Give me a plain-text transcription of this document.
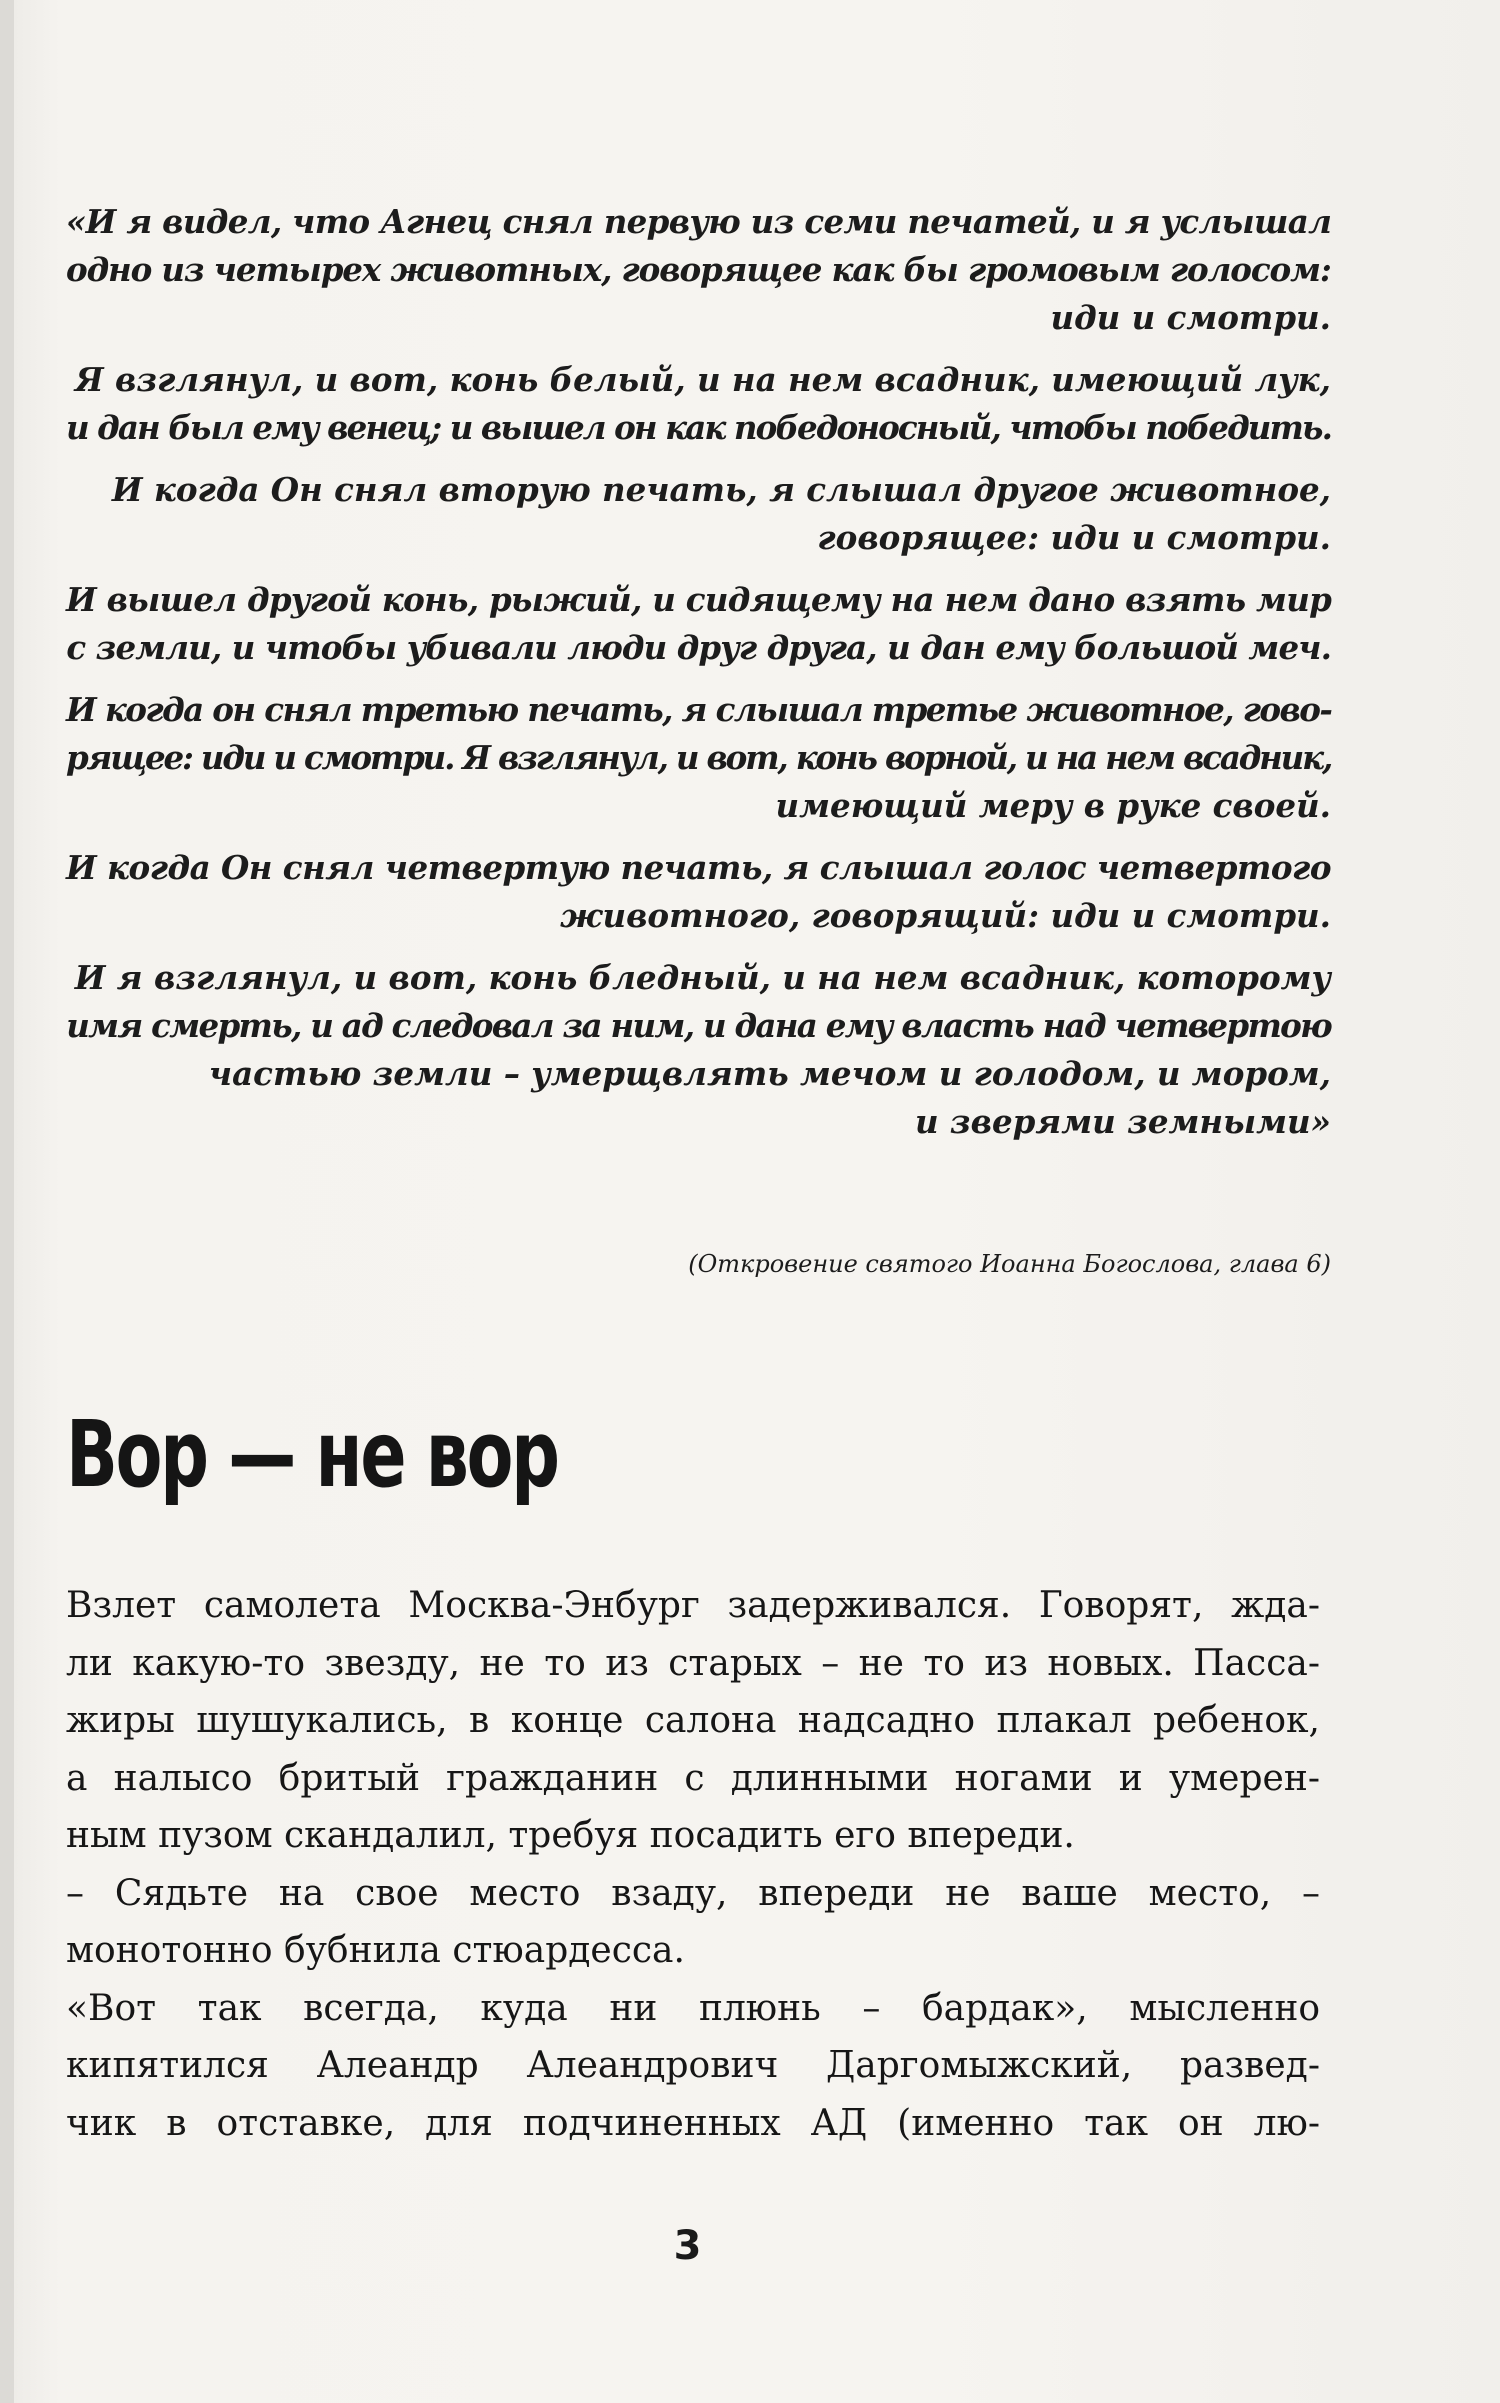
«И я видел, что Агнец снял первую из семи печатей, и я услышал
одно из четырех животных, говорящее как бы громовым голосом:
иди и смотри.
Я взглянул, и вот, конь белый, и на нем всадник, имеющий лук,
и дан был ему венец; и вышел он как победоносный, чтобы победить.
И когда Он снял вторую печать, я слышал другое животное,
говорящее: иди и смотри.
И вышел другой конь, рыжий, и сидящему на нем дано взять мир
с земли, и чтобы убивали люди друг друга, и дан ему большой меч.
И когда он снял третью печать, я слышал третье животное, гово-
рящее: иди и смотри. Я взглянул, и вот, конь ворной, и на нем всадник,
имеющий меру в руке своей.
И когда Он снял четвертую печать, я слышал голос четвертого
животного, говорящий: иди и смотри.
И я взглянул, и вот, конь бледный, и на нем всадник, которому
имя смерть, и ад следовал за ним, и дана ему власть над четвертою
частью земли – умерщвлять мечом и голодом, и мором,
и зверями земными»
(Откровение святого Иоанна Богослова, глава 6)
Вор — не вор
Взлет самолета Москва-Энбург задерживался. Говорят, жда-
ли какую-то звезду, не то из старых – не то из новых. Пасса-
жиры шушукались, в конце салона надсадно плакал ребенок,
а налысо бритый гражданин с длинными ногами и умерен-
ным пузом скандалил, требуя посадить его впереди.
– Сядьте на свое место взаду, впереди не ваше место, –
монотонно бубнила стюардесса.
«Вот так всегда, куда ни плюнь – бардак», мысленно
кипятился Алеандр Алеандрович Даргомыжский, развед-
чик в отставке, для подчиненных АД (именно так он лю-
3
